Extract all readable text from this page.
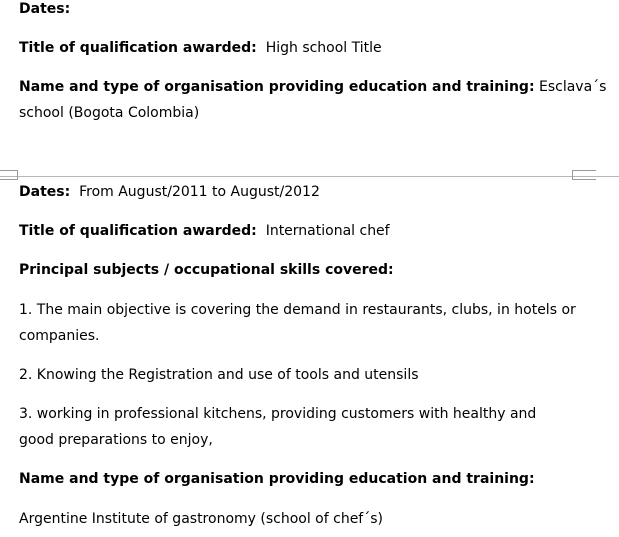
Dates:

Title of qualification awarded: High school Title

Name and type of organisation providing education and training: Esclava´s

school (Bogota Colombia)

Dates: From August/2011 to August/2012

Title of qualification awarded: International chef

Principal subjects / occupational skills covered:

1. The main objective is covering the demand in restaurants, clubs, in hotels or

companies.

2. Knowing the Registration and use of tools and utensils

3. working in professional kitchens, providing customers with healthy and

good preparations to enjoy,

Name and type of organisation providing education and training:

Argentine Institute of gastronomy (school of chef´s)
